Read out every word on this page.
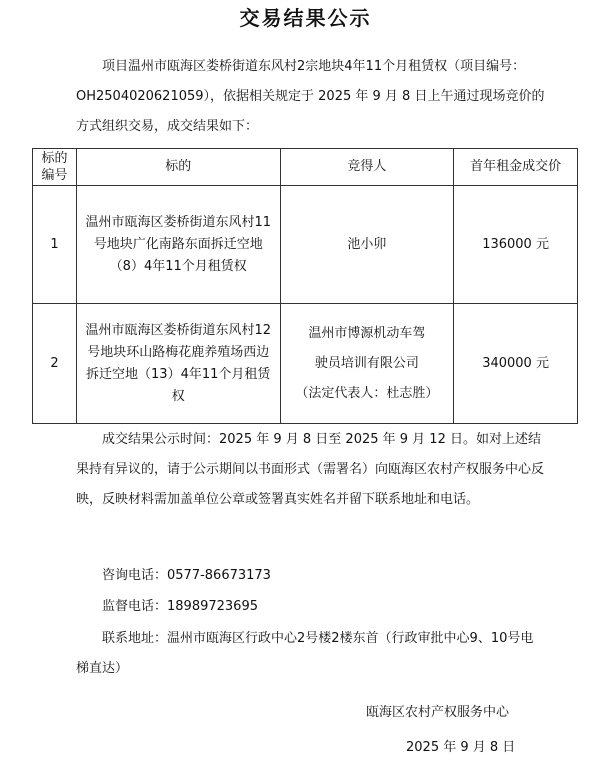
交易结果公示

项目温州市瓯海区娄桥街道东风村2宗地块4年11个月租赁权（项目编号：OH2504020621059），依据相关规定于 2025 年 9 月 8 日上午通过现场竞价的方式组织交易，成交结果如下：

标的编号	标的	竞得人	首年租金成交价
1	温州市瓯海区娄桥街道东风村11号地块广化南路东面拆迁空地（8）4年11个月租赁权	池小卯	136000 元
2	温州市瓯海区娄桥街道东风村12号地块环山路梅花鹿养殖场西边拆迁空地（13）4年11个月租赁权	温州市博源机动车驾驶员培训有限公司
（法定代表人：杜志胜）	340000 元

成交结果公示时间：2025 年 9 月 8 日至 2025 年 9 月 12 日。如对上述结果持有异议的，请于公示期间以书面形式（需署名）向瓯海区农村产权服务中心反映，反映材料需加盖单位公章或签署真实姓名并留下联系地址和电话。

咨询电话：0577-86673173
监督电话：18989723695

联系地址：温州市瓯海区行政中心2号楼2楼东首（行政审批中心9、10号电梯直达）

瓯海区农村产权服务中心
2025 年 9 月 8 日
